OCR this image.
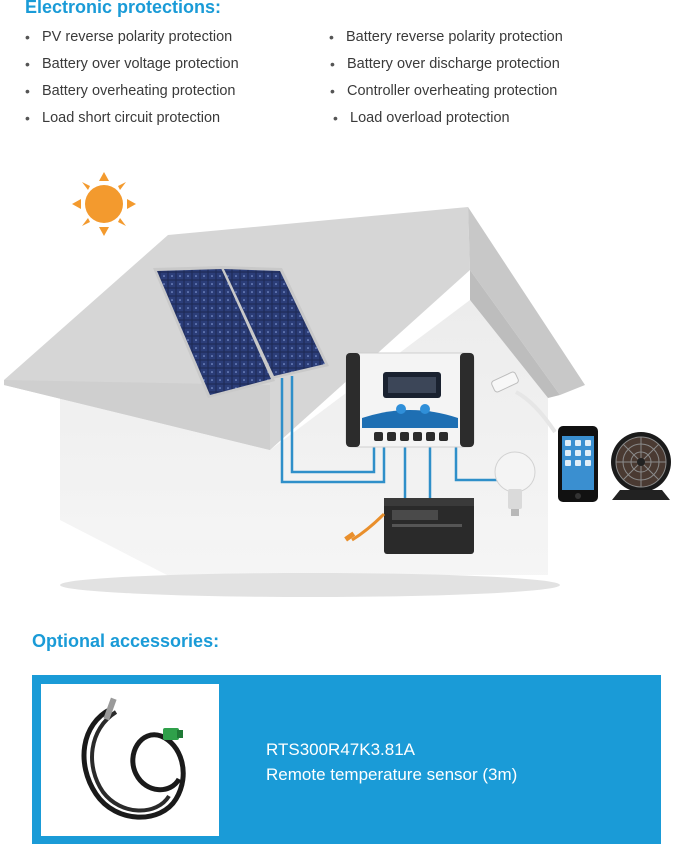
Electronic protections:
• PV reverse polarity protection
• Battery over voltage protection
• Battery overheating protection
• Load short circuit protection
• Battery reverse polarity protection
• Battery over discharge protection
• Controller overheating protection
• Load overload protection
Optional accessories:
RTS300R47K3.81A
Remote temperature sensor (3m)
